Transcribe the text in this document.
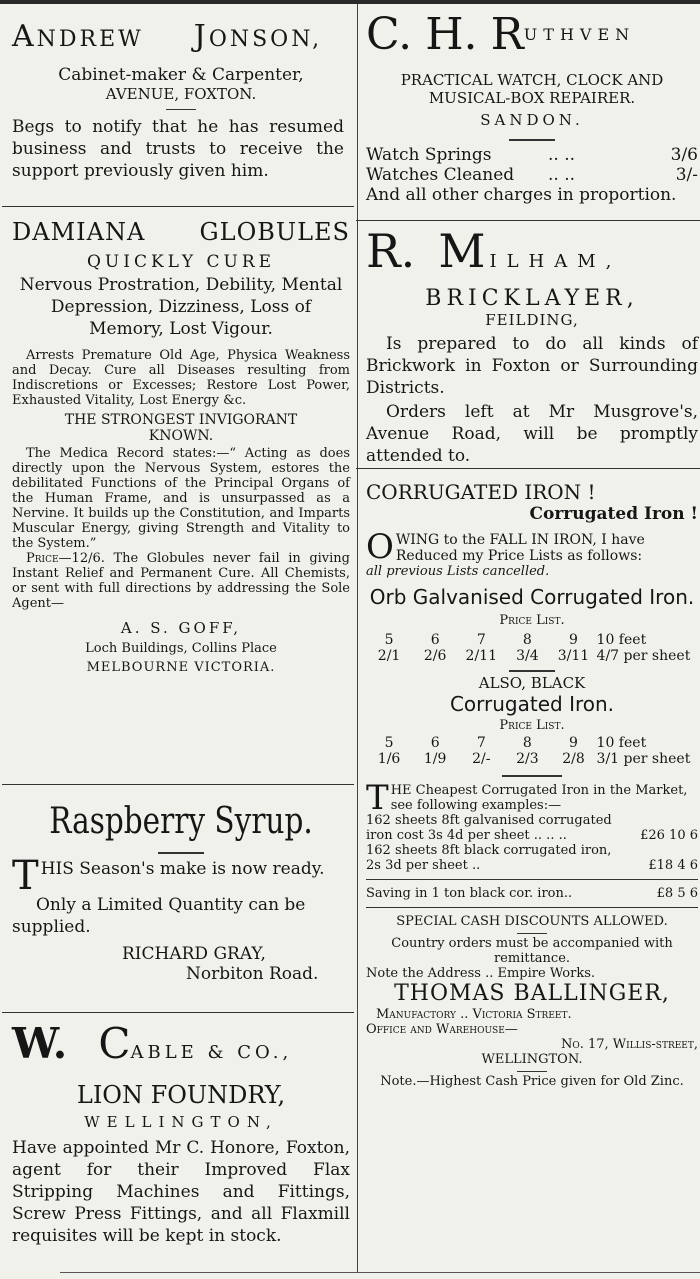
ANDREW JONSON,
Cabinet-maker & Carpenter,
AVENUE, FOXTON.
Begs to notify that he has resumed business and trusts to receive the support previously given him.
DAMIANA GLOBULES
QUICKLY CURE
Nervous Prostration, Debility, Mental Depression, Dizziness, Loss of Memory, Lost Vigour.
Arrests Premature Old Age, Physica Weakness and Decay. Cure all Diseases resulting from Indiscretions or Excesses; Restore Lost Power, Exhausted Vitality, Lost Energy &c.
THE STRONGEST INVIGORANT KNOWN.
The Medica Record states:—“ Acting as does directly upon the Nervous System, estores the debilitated Functions of the Principal Organs of the Human Frame, and is unsurpassed as a Nervine. It builds up the Constitution, and Imparts Muscular Energy, giving Strength and Vitality to the System.”
Price—12/6. The Globules never fail in giving Instant Relief and Permanent Cure. All Chemists, or sent with full directions by addressing the Sole Agent—
A. S. GOFF,
Loch Buildings, Collins Place
MELBOURNE VICTORIA.
Raspberry Syrup.
THIS Season's make is now ready.
Only a Limited Quantity can be supplied.
RICHARD GRAY,
Norbiton Road.
W. CABLE & CO.,
LION FOUNDRY,
WELLINGTON,
Have appointed Mr C. Honore, Foxton, agent for their Improved Flax Stripping Machines and Fittings, Screw Press Fittings, and all Flaxmill requisites will be kept in stock.
C. H. RUTHVEN
PRACTICAL WATCH, CLOCK AND MUSICAL-BOX REPAIRER.
SANDON.
Watch Springs	.. ..	3/6
Watches Cleaned	.. ..	3/-
And all other charges in proportion.
R. M ILHAM,
BRICKLAYER,
FEILDING,
Is prepared to do all kinds of Brickwork in Foxton or Surrounding Districts.
Orders left at Mr Musgrove's, Avenue Road, will be promptly attended to.
CORRUGATED IRON !
Corrugated Iron !
OWING to the FALL IN IRON, I have Reduced my Price Lists as follows:
all previous Lists cancelled.
Orb Galvanised Corrugated Iron.
Price List.
5	6	7	8	9	10 feet
2/1	2/6	2/11	3/4	3/11 4/7 per sheet
ALSO, BLACK
Corrugated Iron.
Price List.
5	6	7	8	9	10 feet
1/6	1/9	2/-	2/3	2/8 3/1 per sheet
THE Cheapest Corrugated Iron in the Market, see following examples:—
162 sheets 8ft galvanised corrugated iron cost 3s 4d per sheet .. .. ..	£26 10 6
162 sheets 8ft black corrugated iron, 2s 3d per sheet ..	£18 4 6
Saving in 1 ton black cor. iron..	£8 5 6
SPECIAL CASH DISCOUNTS ALLOWED.
Country orders must be accompanied with remittance.
Note the Address .. Empire Works.
THOMAS BALLINGER,
Manufactory .. Victoria Street.
Office and Warehouse—
No. 17, Willis-street,
WELLINGTON.
Note.—Highest Cash Price given for Old Zinc.
